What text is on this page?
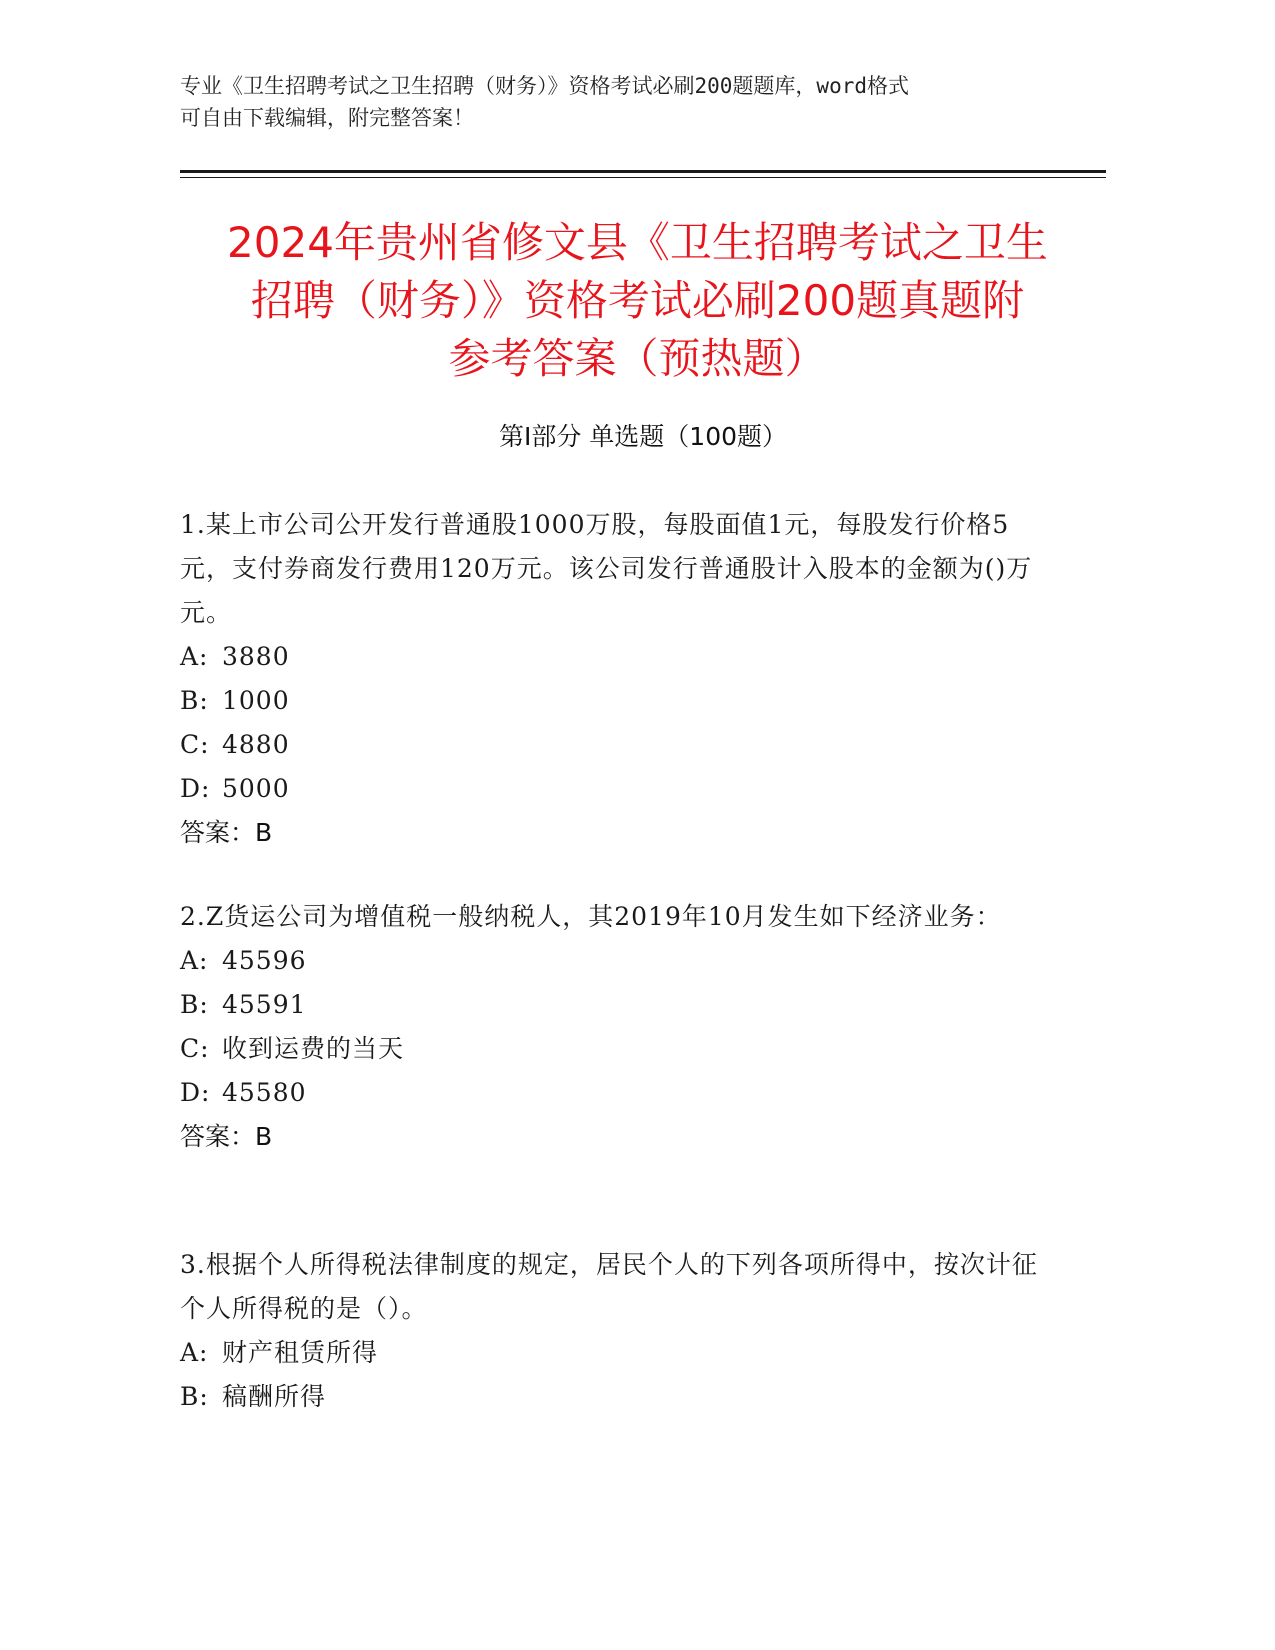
专业《卫生招聘考试之卫生招聘（财务）》资格考试必刷200题题库，word格式
可自由下载编辑，附完整答案！
2024年贵州省修文县《卫生招聘考试之卫生
招聘（财务）》资格考试必刷200题真题附
参考答案（预热题）
第I部分 单选题（100题）
1.某上市公司公开发行普通股1000万股，每股面值1元，每股发行价格5元，支付券商发行费用120万元。该公司发行普通股计入股本的金额为()万元。
A: 3880
B: 1000
C: 4880
D: 5000
答案：B
2.Z货运公司为增值税一般纳税人，其2019年10月发生如下经济业务：
A: 45596
B: 45591
C: 收到运费的当天
D: 45580
答案：B
3.根据个人所得税法律制度的规定，居民个人的下列各项所得中，按次计征个人所得税的是（）。
A: 财产租赁所得
B: 稿酬所得
